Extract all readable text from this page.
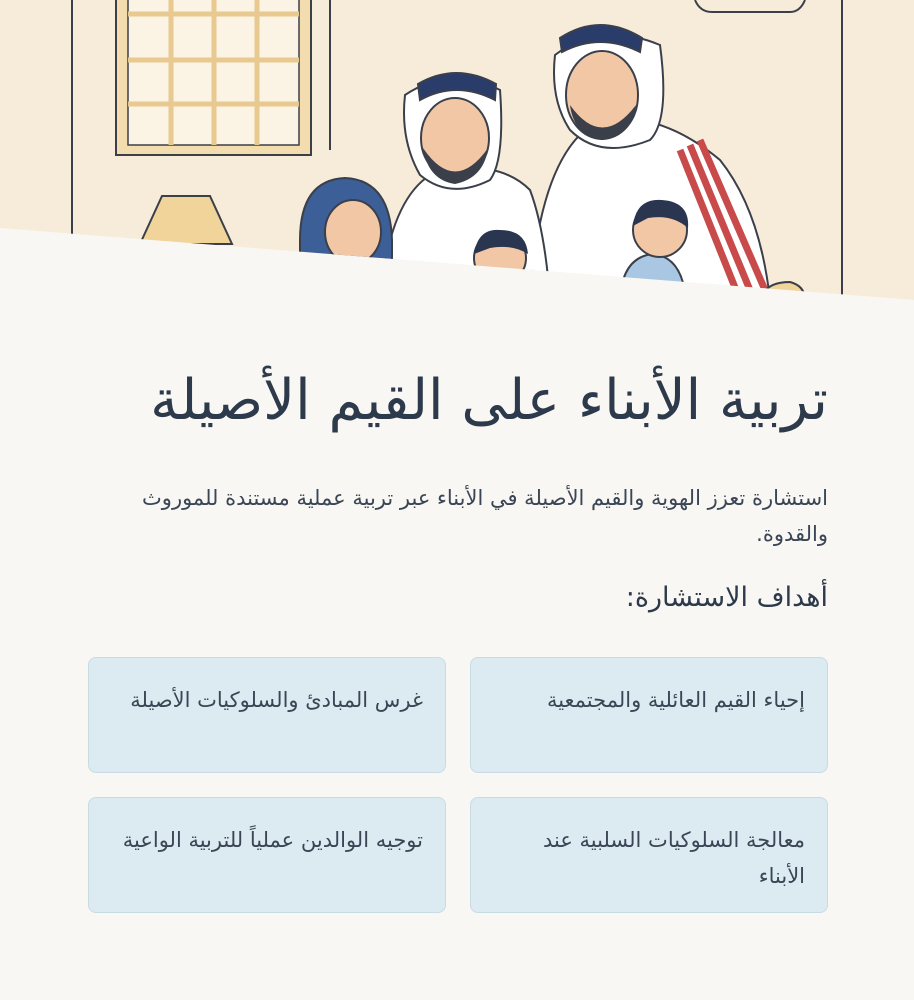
تربية الأبناء على القيم الأصيلة

استشارة تعزز الهوية والقيم الأصيلة في الأبناء عبر تربية عملية مستندة للموروث والقدوة.

أهداف الاستشارة:
إحياء القيم العائلية والمجتمعية
غرس المبادئ والسلوكيات الأصيلة
معالجة السلوكيات السلبية عند الأبناء
توجيه الوالدين عملياً للتربية الواعية
